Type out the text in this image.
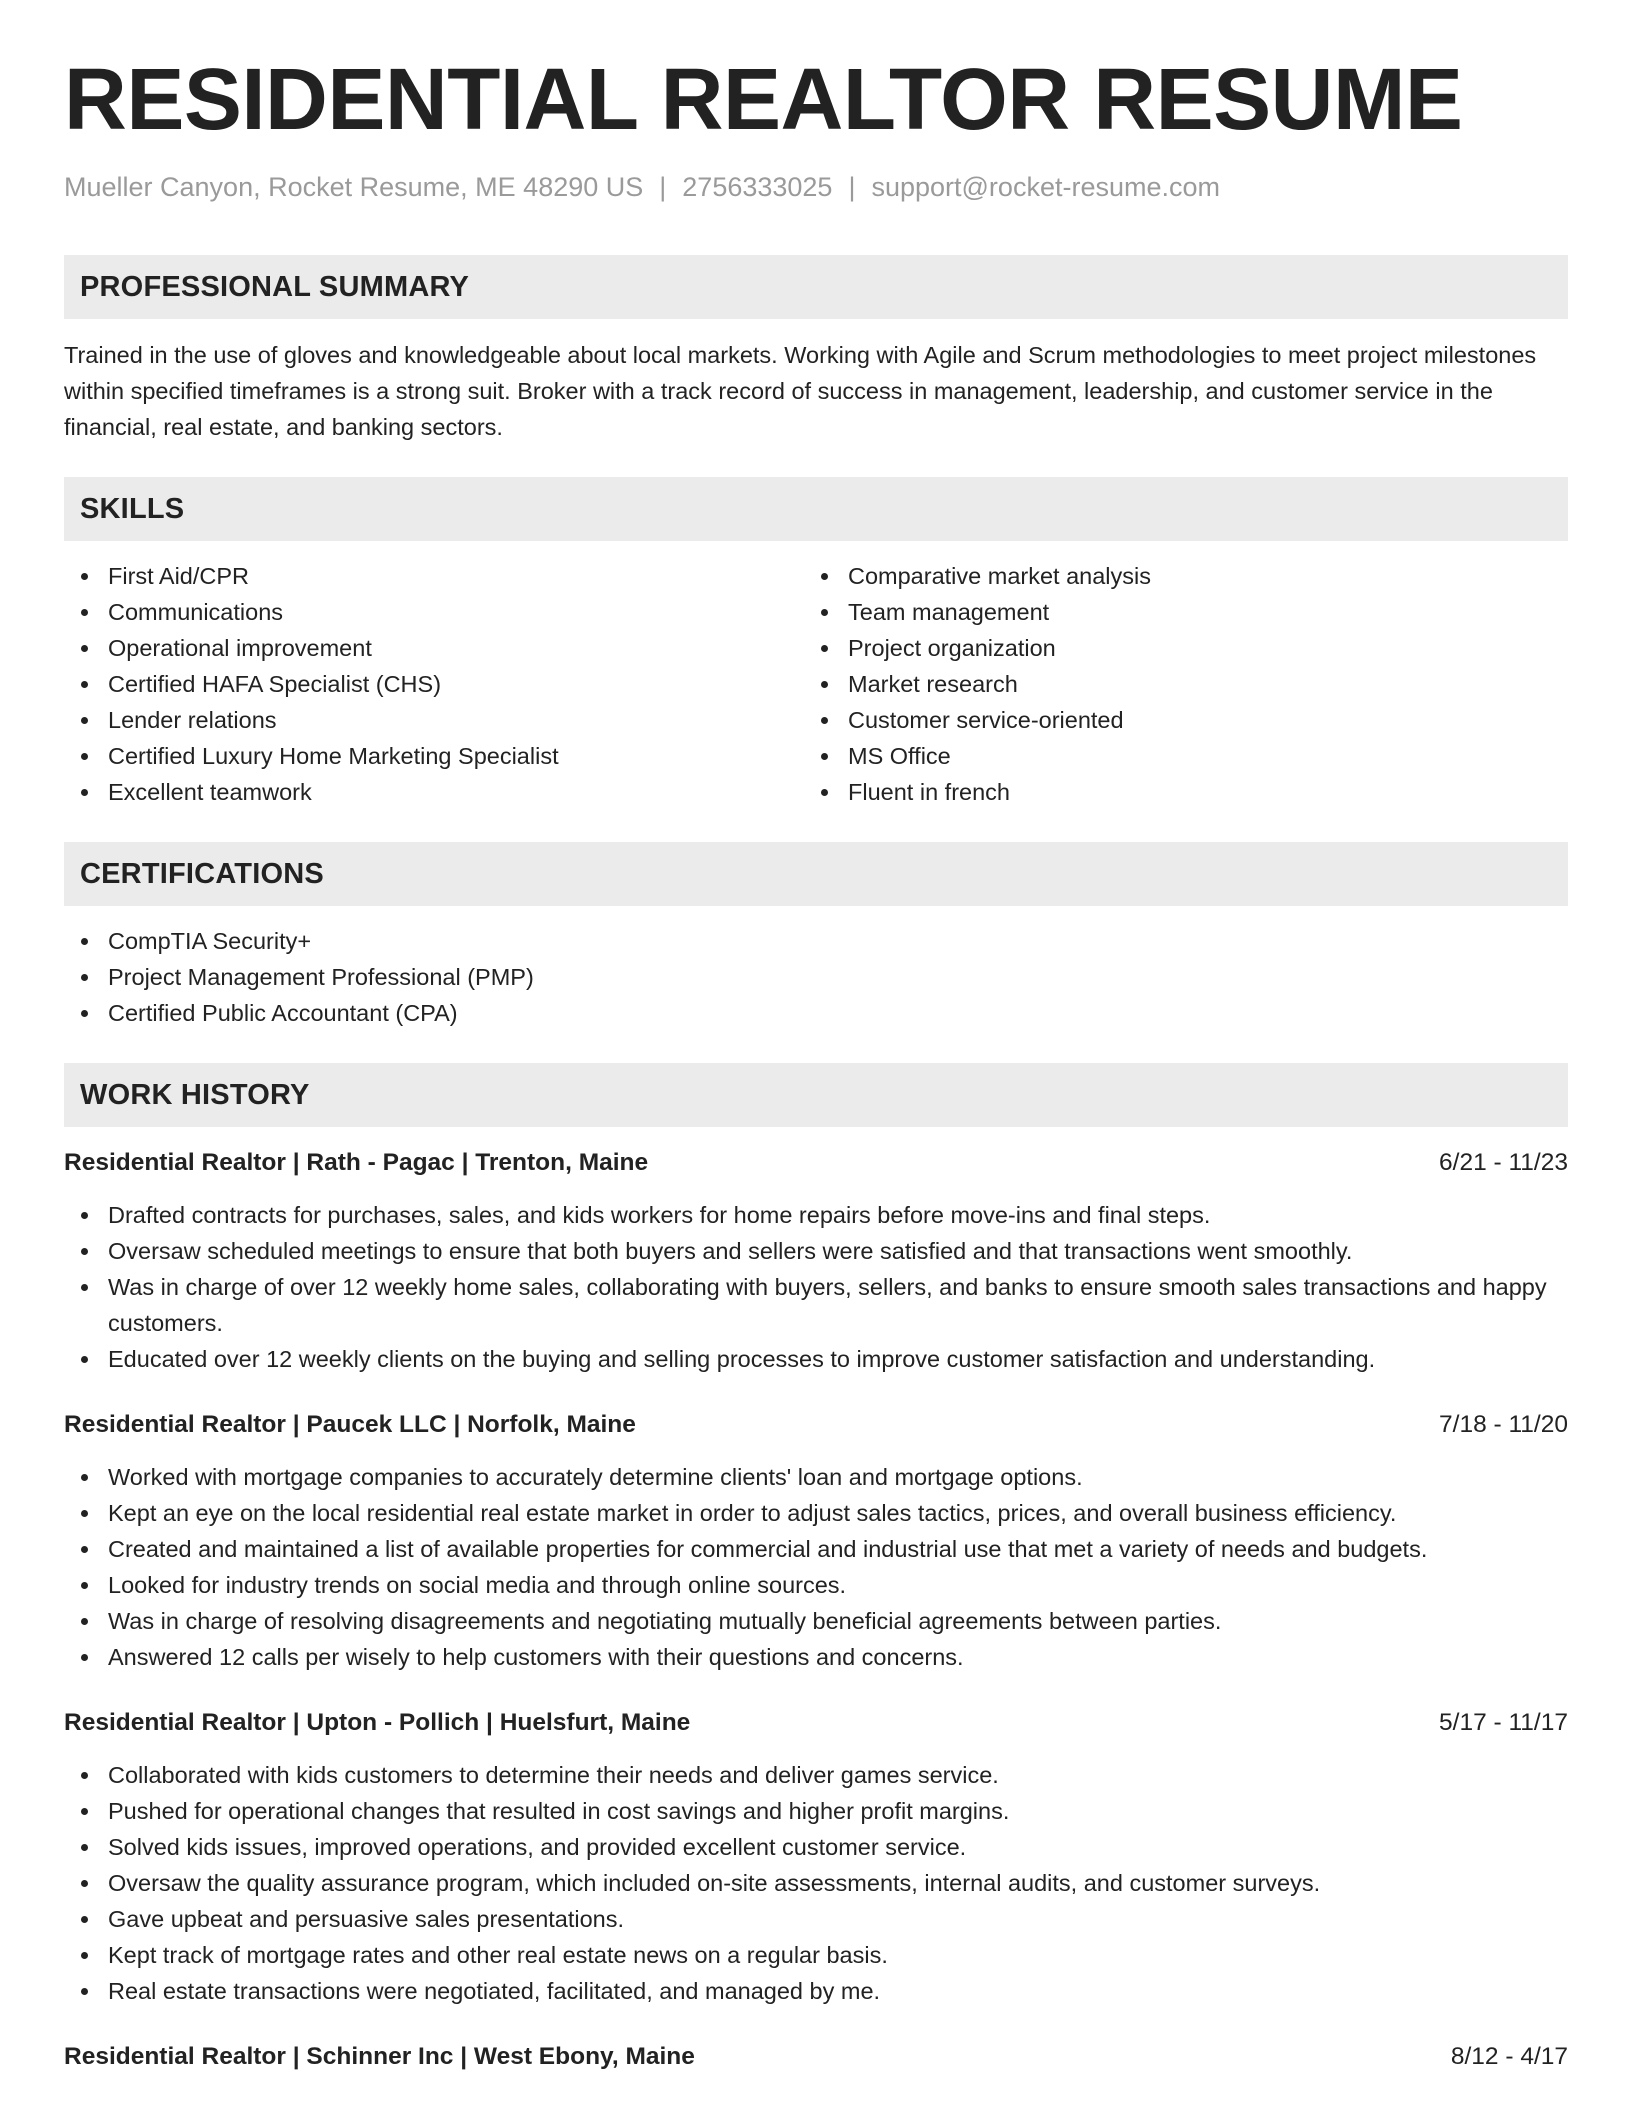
RESIDENTIAL REALTOR RESUME
Mueller Canyon, Rocket Resume, ME 48290 US | 2756333025 | support@rocket-resume.com
PROFESSIONAL SUMMARY

Trained in the use of gloves and knowledgeable about local markets. Working with Agile and Scrum methodologies to meet project milestones within specified timeframes is a strong suit. Broker with a track record of success in management, leadership, and customer service in the financial, real estate, and banking sectors.

SKILLS
First Aid/CPR
Communications
Operational improvement
Certified HAFA Specialist (CHS)
Lender relations
Certified Luxury Home Marketing Specialist
Excellent teamwork
Comparative market analysis
Team management
Project organization
Market research
Customer service-oriented
MS Office
Fluent in french
CERTIFICATIONS
CompTIA Security+
Project Management Professional (PMP)
Certified Public Accountant (CPA)
WORK HISTORY
Residential Realtor | Rath - Pagac | Trenton, Maine	6/21 - 11/23
Drafted contracts for purchases, sales, and kids workers for home repairs before move-ins and final steps.
Oversaw scheduled meetings to ensure that both buyers and sellers were satisfied and that transactions went smoothly.
Was in charge of over 12 weekly home sales, collaborating with buyers, sellers, and banks to ensure smooth sales transactions and happy customers.
Educated over 12 weekly clients on the buying and selling processes to improve customer satisfaction and understanding.
Residential Realtor | Paucek LLC | Norfolk, Maine	7/18 - 11/20
Worked with mortgage companies to accurately determine clients' loan and mortgage options.
Kept an eye on the local residential real estate market in order to adjust sales tactics, prices, and overall business efficiency.
Created and maintained a list of available properties for commercial and industrial use that met a variety of needs and budgets.
Looked for industry trends on social media and through online sources.
Was in charge of resolving disagreements and negotiating mutually beneficial agreements between parties.
Answered 12 calls per wisely to help customers with their questions and concerns.
Residential Realtor | Upton - Pollich | Huelsfurt, Maine	5/17 - 11/17
Collaborated with kids customers to determine their needs and deliver games service.
Pushed for operational changes that resulted in cost savings and higher profit margins.
Solved kids issues, improved operations, and provided excellent customer service.
Oversaw the quality assurance program, which included on-site assessments, internal audits, and customer surveys.
Gave upbeat and persuasive sales presentations.
Kept track of mortgage rates and other real estate news on a regular basis.
Real estate transactions were negotiated, facilitated, and managed by me.
Residential Realtor | Schinner Inc | West Ebony, Maine	8/12 - 4/17
